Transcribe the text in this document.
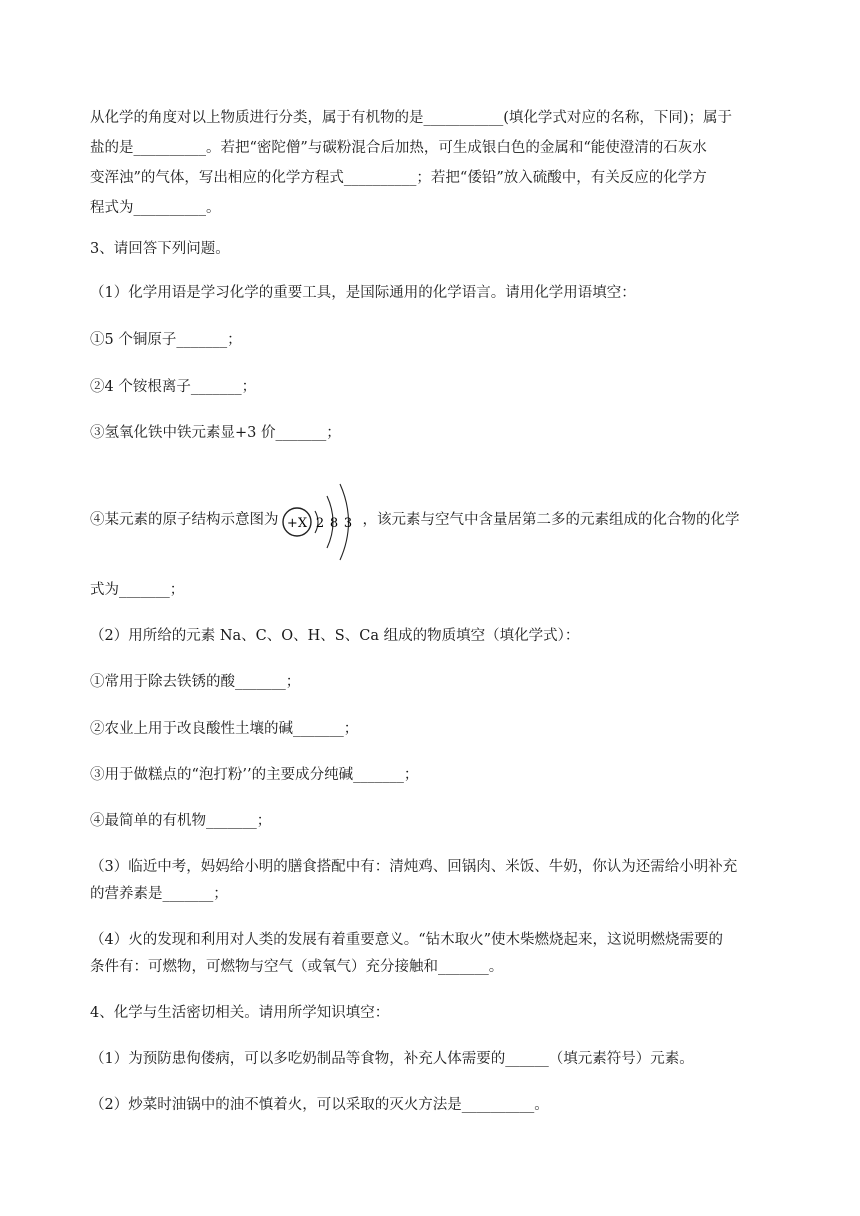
从化学的角度对以上物质进行分类，属于有机物的是___________(填化学式对应的名称，下同)；属于
盐的是__________。若把“密陀僧”与碳粉混合后加热，可生成银白色的金属和“能使澄清的石灰水
变浑浊”的气体，写出相应的化学方程式__________；若把“倭铅”放入硫酸中，有关反应的化学方
程式为__________。
3、请回答下列问题。
（1）化学用语是学习化学的重要工具，是国际通用的化学语言。请用化学用语填空：
①5 个铜原子_______；
②4 个铵根离子_______；
③氢氧化铁中铁元素显+3 价_______；
④某元素的原子结构示意图为 +X 2 8 3 ，该元素与空气中含量居第二多的元素组成的化合物的化学
式为_______；
（2）用所给的元素 Na、C、O、H、S、Ca 组成的物质填空（填化学式）：
①常用于除去铁锈的酸_______；
②农业上用于改良酸性土壤的碱_______；
③用于做糕点的“泡打粉’’的主要成分纯碱_______；
④最简单的有机物_______；
（3）临近中考，妈妈给小明的膳食搭配中有：清炖鸡、回锅肉、米饭、牛奶，你认为还需给小明补充
的营养素是_______；
（4）火的发现和利用对人类的发展有着重要意义。“钻木取火”使木柴燃烧起来，这说明燃烧需要的
条件有：可燃物，可燃物与空气（或氧气）充分接触和_______。
4、化学与生活密切相关。请用所学知识填空：
（1）为预防患佝偻病，可以多吃奶制品等食物，补充人体需要的______（填元素符号）元素。
（2）炒菜时油锅中的油不慎着火，可以采取的灭火方法是__________。
